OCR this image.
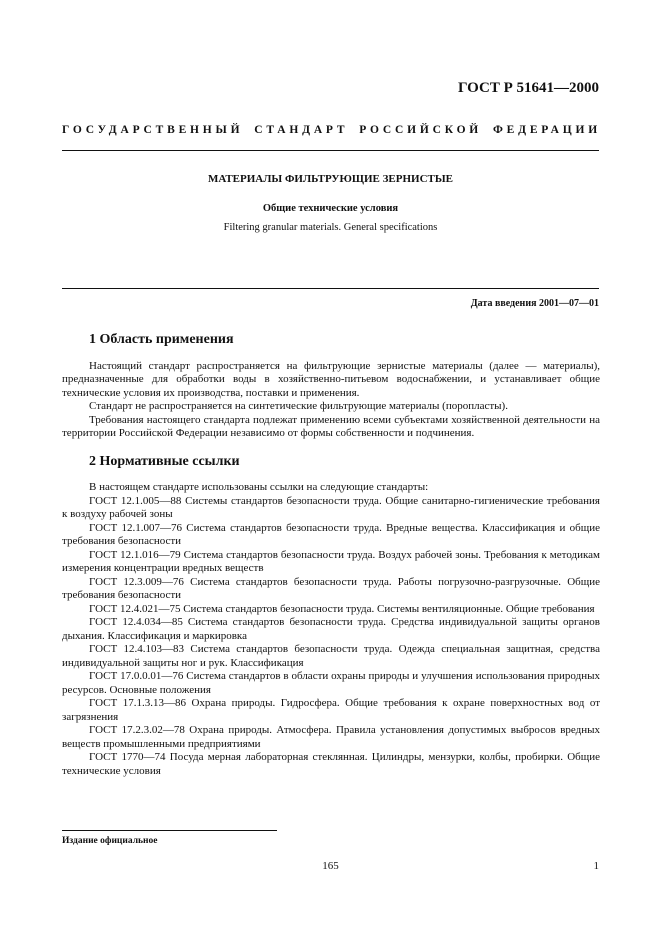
ГОСТ Р 51641—2000
ГОСУДАРСТВЕННЫЙ СТАНДАРТ РОССИЙСКОЙ ФЕДЕРАЦИИ
МАТЕРИАЛЫ ФИЛЬТРУЮЩИЕ ЗЕРНИСТЫЕ
Общие технические условия
Filtering granular materials. General specifications
Дата введения 2001—07—01
1 Область применения

Настоящий стандарт распространяется на фильтрующие зернистые материалы (далее — материалы), предназначенные для обработки воды в хозяйственно-питьевом водоснабжении, и устанавливает общие технические условия их производства, поставки и применения.

Стандарт не распространяется на синтетические фильтрующие материалы (поропласты).

Требования настоящего стандарта подлежат применению всеми субъектами хозяйственной деятельности на территории Российской Федерации независимо от формы собственности и подчинения.

2 Нормативные ссылки

В настоящем стандарте использованы ссылки на следующие стандарты:

ГОСТ 12.1.005—88 Системы стандартов безопасности труда. Общие санитарно-гигиенические требования к воздуху рабочей зоны

ГОСТ 12.1.007—76 Система стандартов безопасности труда. Вредные вещества. Классификация и общие требования безопасности

ГОСТ 12.1.016—79 Система стандартов безопасности труда. Воздух рабочей зоны. Требования к методикам измерения концентрации вредных веществ

ГОСТ 12.3.009—76 Система стандартов безопасности труда. Работы погрузочно-разгрузочные. Общие требования безопасности

ГОСТ 12.4.021—75 Система стандартов безопасности труда. Системы вентиляционные. Общие требования

ГОСТ 12.4.034—85 Система стандартов безопасности труда. Средства индивидуальной защиты органов дыхания. Классификация и маркировка

ГОСТ 12.4.103—83 Система стандартов безопасности труда. Одежда специальная защитная, средства индивидуальной защиты ног и рук. Классификация

ГОСТ 17.0.0.01—76 Система стандартов в области охраны природы и улучшения использования природных ресурсов. Основные положения

ГОСТ 17.1.3.13—86 Охрана природы. Гидросфера. Общие требования к охране поверхностных вод от загрязнения

ГОСТ 17.2.3.02—78 Охрана природы. Атмосфера. Правила установления допустимых выбросов вредных веществ промышленными предприятиями

ГОСТ 1770—74 Посуда мерная лабораторная стеклянная. Цилиндры, мензурки, колбы, пробирки. Общие технические условия

Издание официальное
165	1
